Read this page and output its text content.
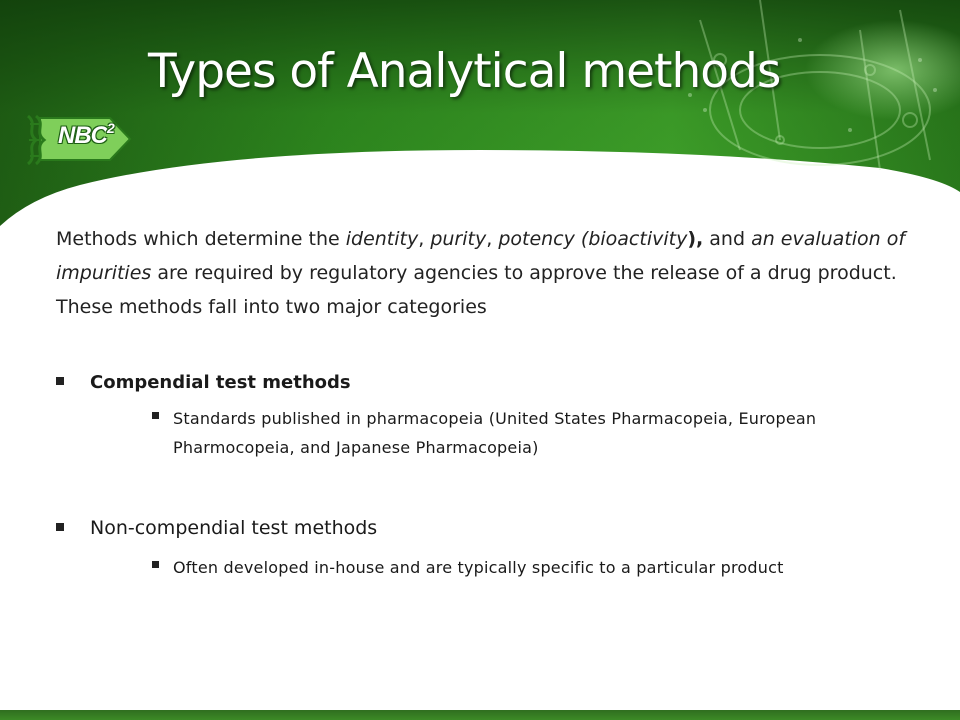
Types of Analytical methods
NBC$^2$

Methods which determine the identity, purity, potency (bioactivity), and an evaluation of impurities are required by regulatory agencies to approve the release of a drug product. These methods fall into two major categories

Compendial test methods
Standards published in pharmacopeia (United States Pharmacopeia, European Pharmocopeia, and Japanese Pharmacopeia)
Non-compendial test methods
Often developed in-house and are typically specific to a particular product
